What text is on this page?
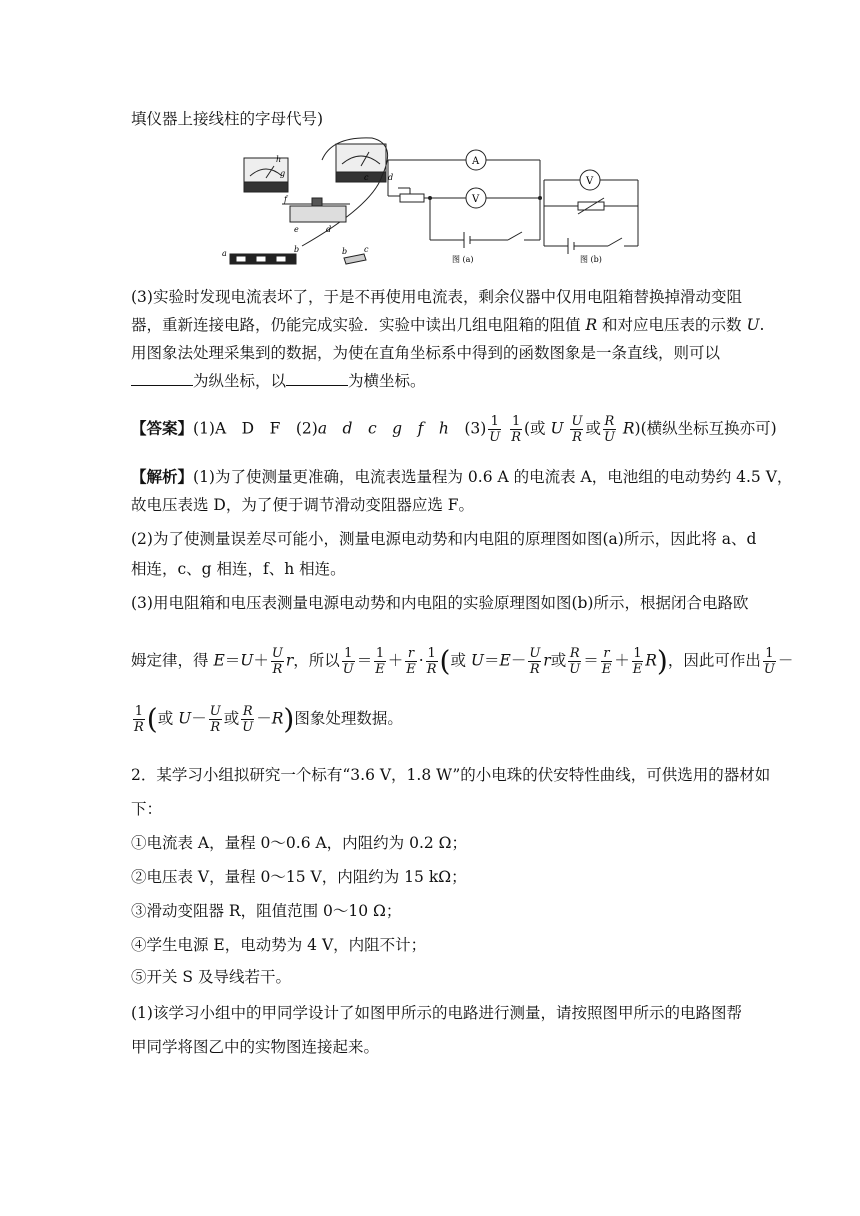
填仪器上接线柱的字母代号)
g
h
c d
f
e	d
a	b	b c
A
V
图 (a)
V
图 (b)
(3)实验时发现电流表坏了，于是不再使用电流表，剩余仪器中仅用电阻箱替换掉滑动变阻
器，重新连接电路，仍能完成实验．实验中读出几组电阻箱的阻值 R 和对应电压表的示数 U.
用图象法处理采集到的数据，为使在直角坐标系中得到的函数图象是一条直线，则可以
为纵坐标，以	为横坐标。
【答案】(1)A　D　F　(2)a　d　c　g　f　h　$(3) \frac{1}{U}$
$\frac{1}{R}$ (或 U $\frac{U}{R}$ 或 $\frac{R}{U} R$)(横纵坐标互换亦可)
【解析】(1)为了使测量更准确，电流表选量程为 0.6 A 的电流表 A，电池组的电动势约 4.5 V，
故电压表选 D，为了便于调节滑动变阻器应选 F。
(2)为了使测量误差尽可能小，测量电源电动势和内电阻的原理图如图(a)所示，因此将 a、d
相连，c、g 相连，f、h 相连。
(3)用电阻箱和电压表测量电源电动势和内电阻的实验原理图如图(b)所示，根据闭合电路欧
姆定律，得 $E=U+ \frac{U}{R}$ r，所以 $\frac{1}{U} = \frac{1}{E} + \frac{r}{E} \cdot \frac{1}{R}$ (或 $U=E- \frac{U}{R}$ r或 $\frac{R}{U} = \frac{r}{E} + \frac{1}{E} R$)，因此可作出 $\frac{1}{U}$ －
$\frac{1}{R}$ (或 $U- \frac{U}{R}$ 或 $\frac{R}{U} -R$)图象处理数据。
2．某学习小组拟研究一个标有“3.6 V，1.8 W”的小电珠的伏安特性曲线，可供选用的器材如
下：
①电流表 A，量程 0～0.6 A，内阻约为 0.2 Ω；
②电压表 V，量程 0～15 V，内阻约为 15 kΩ；
③滑动变阻器 R，阻值范围 0～10 Ω；
④学生电源 E，电动势为 4 V，内阻不计；
⑤开关 S 及导线若干。
(1)该学习小组中的甲同学设计了如图甲所示的电路进行测量，请按照图甲所示的电路图帮
甲同学将图乙中的实物图连接起来。
